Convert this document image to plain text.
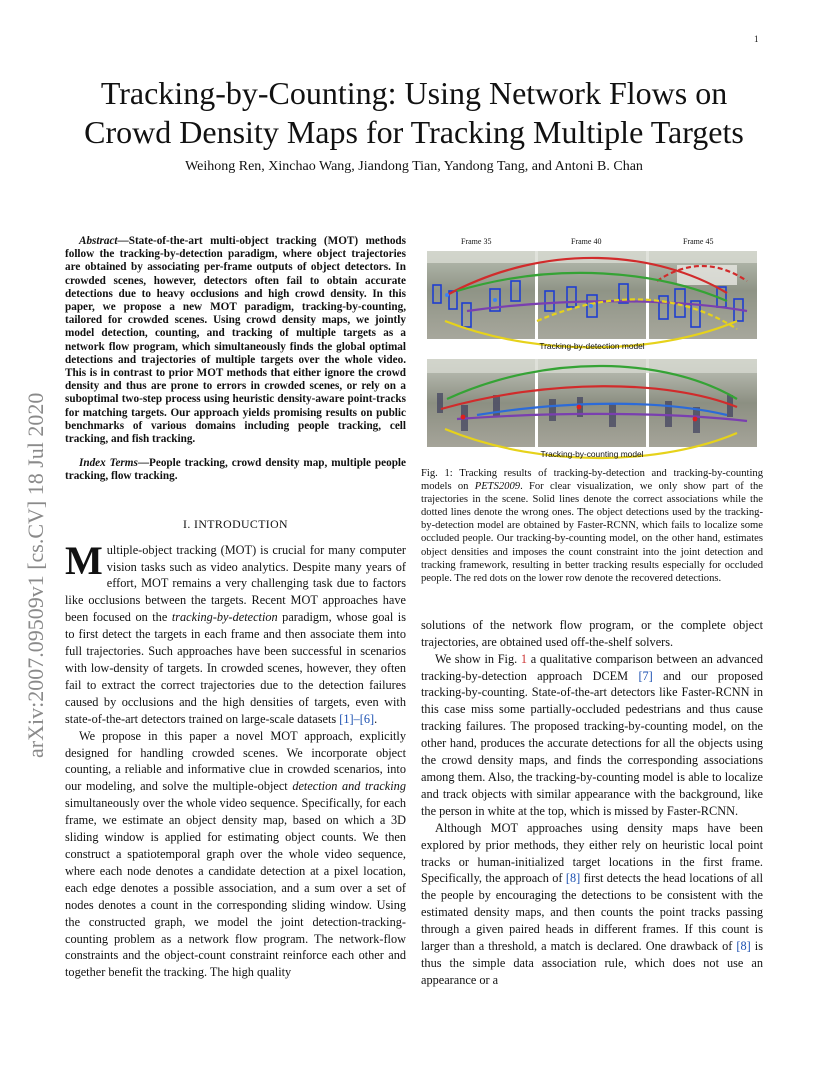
1
arXiv:2007.09509v1 [cs.CV] 18 Jul 2020
Tracking-by-Counting: Using Network Flows on
Crowd Density Maps for Tracking Multiple Targets
Weihong Ren, Xinchao Wang, Jiandong Tian, Yandong Tang, and Antoni B. Chan

Abstract—State-of-the-art multi-object tracking (MOT) methods follow the tracking-by-detection paradigm, where object trajectories are obtained by associating per-frame outputs of object detectors. In crowded scenes, however, detectors often fail to obtain accurate detections due to heavy occlusions and high crowd density. In this paper, we propose a new MOT paradigm, tracking-by-counting, tailored for crowded scenes. Using crowd density maps, we jointly model detection, counting, and tracking of multiple targets as a network flow program, which simultaneously finds the global optimal detections and trajectories of multiple targets over the whole video. This is in contrast to prior MOT methods that either ignore the crowd density and thus are prone to errors in crowded scenes, or rely on a suboptimal two-step process using heuristic density-aware point-tracks for matching targets. Our approach yields promising results on public benchmarks of various domains including people tracking, cell tracking, and fish tracking.

Index Terms—People tracking, crowd density map, multiple people tracking, flow tracking.

I. INTRODUCTION

Multiple-object tracking (MOT) is crucial for many computer vision tasks such as video analytics. Despite many years of effort, MOT remains a very challenging task due to factors like occlusions between the targets. Recent MOT approaches have been focused on the tracking-by-detection paradigm, whose goal is to first detect the targets in each frame and then associate them into full trajectories. Such approaches have been successful in scenarios with low-density of targets. In crowded scenes, however, they often fail to extract the correct trajectories due to the detection failures caused by occlusions and the high densities of targets, even with state-of-the-art detectors trained on large-scale datasets [1]–[6].

We propose in this paper a novel MOT approach, explicitly designed for handling crowded scenes. We incorporate object counting, a reliable and informative clue in crowded scenarios, into our modeling, and solve the multiple-object detection and tracking simultaneously over the whole video sequence. Specifically, for each frame, we estimate an object density map, based on which a 3D sliding window is applied for estimating object counts. We then construct a spatiotemporal graph over the whole video sequence, where each node denotes a candidate detection at a pixel location, each edge denotes a possible association, and a sum over a set of nodes denotes a count in the corresponding sliding window. Using the constructed graph, we model the joint detection-tracking-counting problem as a network flow program. The network-flow constraints and the object-count constraint reinforce each other and together benefit the tracking. The high quality

Frame 35	Frame 40	Frame 45
Tracking-by-detection model
Tracking-by-counting model

Fig. 1: Tracking results of tracking-by-detection and tracking-by-counting models on PETS2009. For clear visualization, we only show part of the trajectories in the scene. Solid lines denote the correct associations while the dotted lines denote the wrong ones. The object detections used by the tracking-by-detection model are obtained by Faster-RCNN, which fails to localize some occluded people. Our tracking-by-counting model, on the other hand, estimates object densities and imposes the count constraint into the joint detection and tracking framework, resulting in better tracking results especially for occluded people. The red dots on the lower row denote the recovered detections.

solutions of the network flow program, or the complete object trajectories, are obtained used off-the-shelf solvers.

We show in Fig. 1 a qualitative comparison between an advanced tracking-by-detection approach DCEM [7] and our proposed tracking-by-counting. State-of-the-art detectors like Faster-RCNN in this case miss some partially-occluded pedestrians and thus cause tracking failures. The proposed tracking-by-counting model, on the other hand, produces the accurate detections for all the objects using the crowd density maps, and finds the corresponding associations among them. Also, the tracking-by-counting model is able to localize and track objects with similar appearance with the background, like the person in white at the top, which is missed by Faster-RCNN.

Although MOT approaches using density maps have been explored by prior methods, they either rely on heuristic local point tracks or human-initialized target locations in the first frame. Specifically, the approach of [8] first detects the head locations of all the people by encouraging the detections to be consistent with the estimated density maps, and then counts the point tracks passing through a given paired heads in different frames. If this count is larger than a threshold, a match is declared. One drawback of [8] is thus the simple data association rule, which does not use an appearance or a
